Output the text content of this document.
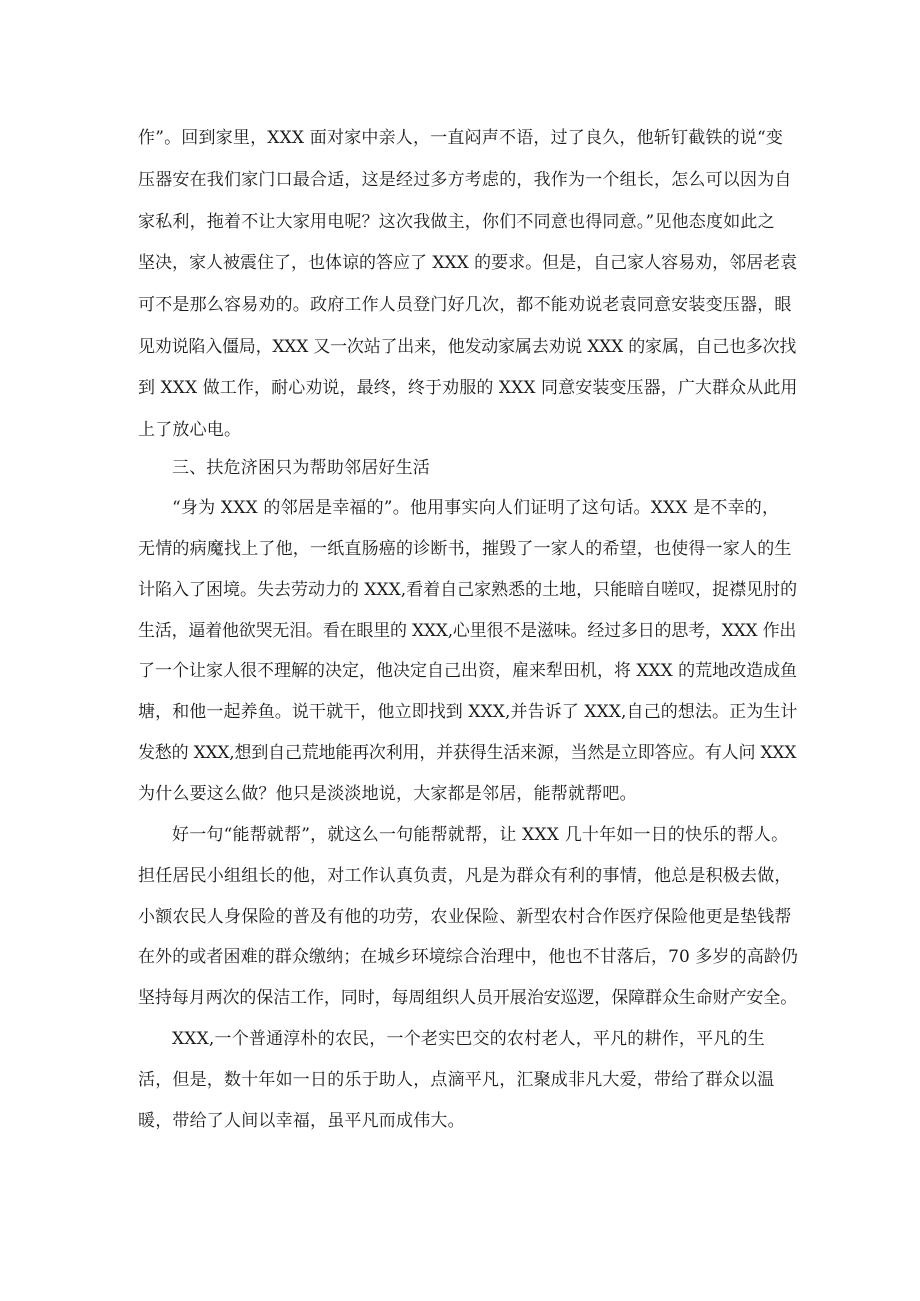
作”。回到家里，XXX 面对家中亲人，一直闷声不语，过了良久，他斩钉截铁的说“变
压器安在我们家门口最合适，这是经过多方考虑的，我作为一个组长，怎么可以因为自
家私利，拖着不让大家用电呢？这次我做主，你们不同意也得同意。”见他态度如此之
坚决，家人被震住了，也体谅的答应了 XXX 的要求。但是，自己家人容易劝，邻居老袁
可不是那么容易劝的。政府工作人员登门好几次，都不能劝说老袁同意安装变压器，眼
见劝说陷入僵局，XXX 又一次站了出来，他发动家属去劝说 XXX 的家属，自己也多次找
到 XXX 做工作，耐心劝说，最终，终于劝服的 XXX 同意安装变压器，广大群众从此用
上了放心电。
三、扶危济困只为帮助邻居好生活
“身为 XXX 的邻居是幸福的”。他用事实向人们证明了这句话。XXX 是不幸的，
无情的病魔找上了他，一纸直肠癌的诊断书，摧毁了一家人的希望，也使得一家人的生
计陷入了困境。失去劳动力的 XXX,看着自己家熟悉的土地，只能暗自嗟叹，捉襟见肘的
生活，逼着他欲哭无泪。看在眼里的 XXX,心里很不是滋味。经过多日的思考，XXX 作出
了一个让家人很不理解的决定，他决定自己出资，雇来犁田机，将 XXX 的荒地改造成鱼
塘，和他一起养鱼。说干就干，他立即找到 XXX,并告诉了 XXX,自己的想法。正为生计
发愁的 XXX,想到自己荒地能再次利用，并获得生活来源，当然是立即答应。有人问 XXX
为什么要这么做？他只是淡淡地说，大家都是邻居，能帮就帮吧。
好一句“能帮就帮”，就这么一句能帮就帮，让 XXX 几十年如一日的快乐的帮人。
担任居民小组组长的他，对工作认真负责，凡是为群众有利的事情，他总是积极去做，
小额农民人身保险的普及有他的功劳，农业保险、新型农村合作医疗保险他更是垫钱帮
在外的或者困难的群众缴纳；在城乡环境综合治理中，他也不甘落后，70 多岁的高龄仍
坚持每月两次的保洁工作，同时，每周组织人员开展治安巡逻，保障群众生命财产安全。
XXX,一个普通淳朴的农民，一个老实巴交的农村老人，平凡的耕作，平凡的生
活，但是，数十年如一日的乐于助人，点滴平凡，汇聚成非凡大爱，带给了群众以温
暖，带给了人间以幸福，虽平凡而成伟大。
